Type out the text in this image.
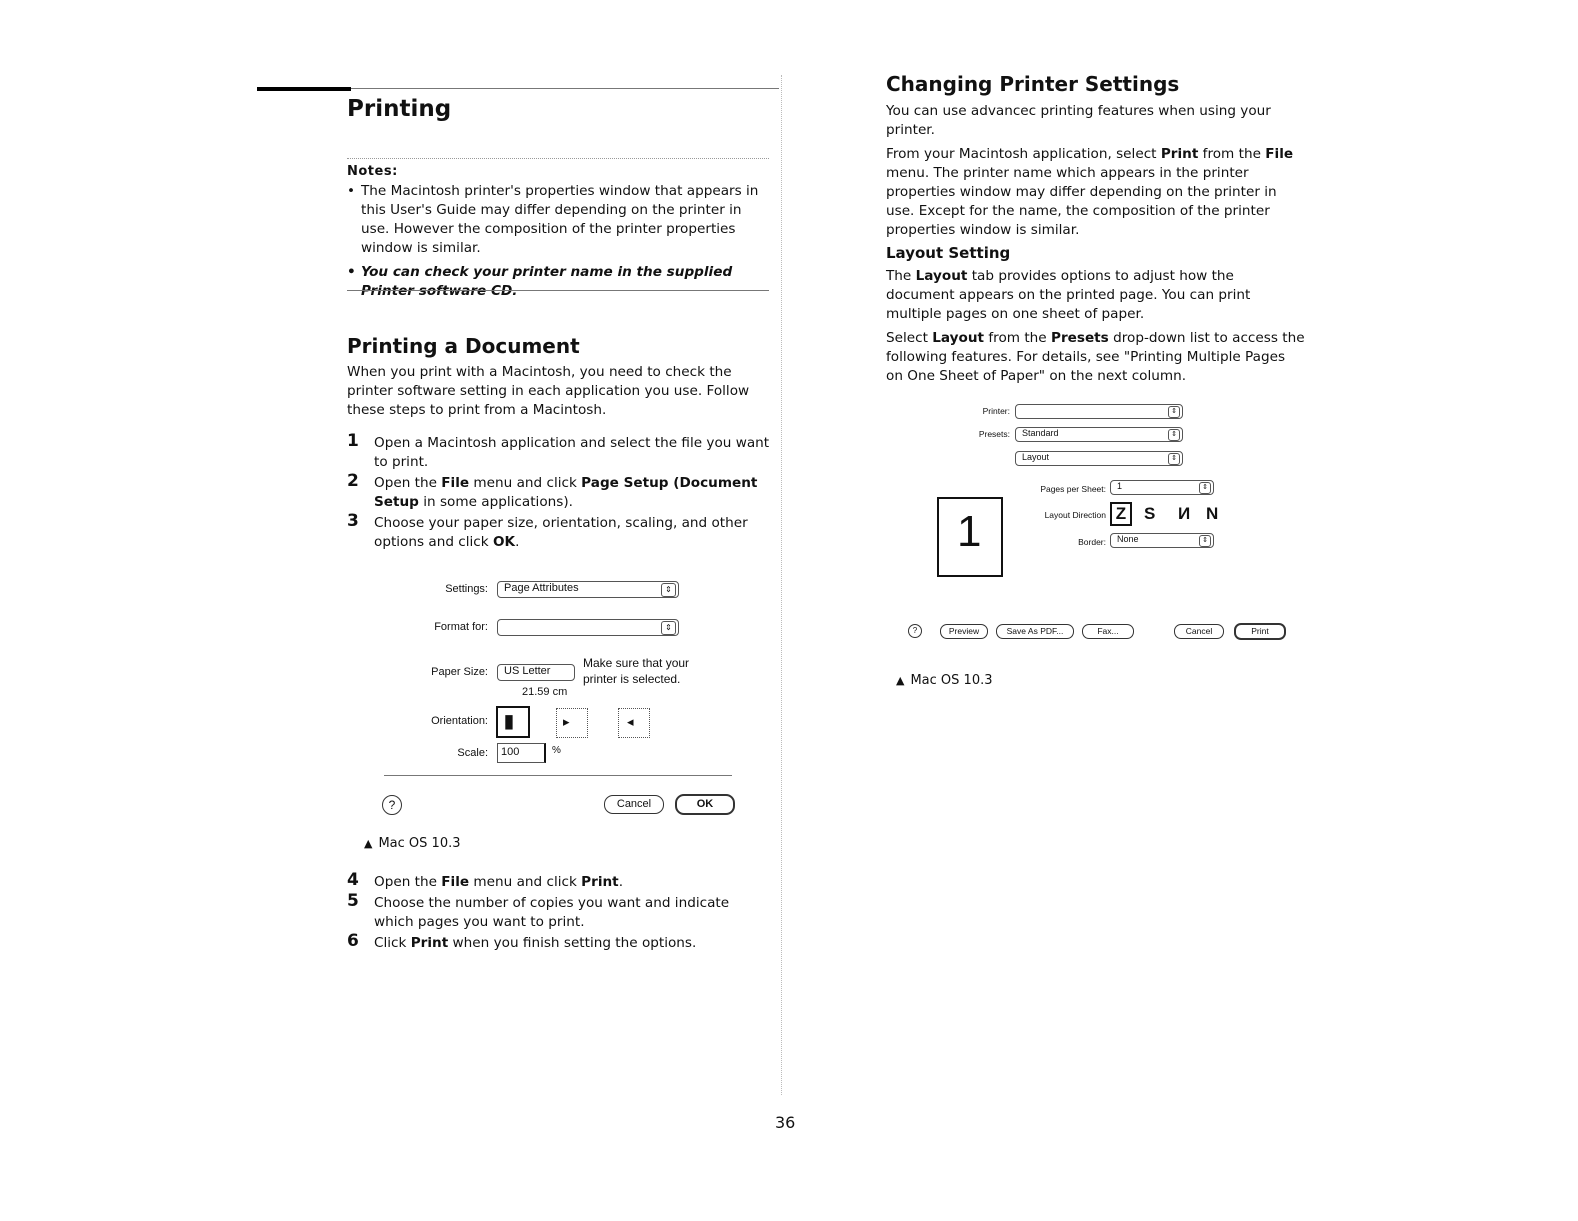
Printing
Notes:
• The Macintosh printer's properties window that appears in this User's Guide may differ depending on the printer in use. However the composition of the printer properties window is similar.
• You can check your printer name in the supplied Printer software CD.
Printing a Document
When you print with a Macintosh, you need to check the printer software setting in each application you use. Follow these steps to print from a Macintosh.
1 Open a Macintosh application and select the file you want to print.
2 Open the File menu and click Page Setup (Document Setup in some applications).
3 Choose your paper size, orientation, scaling, and other options and click OK.
Settings: Page Attributes	⇕
Format for:	⇕
Paper Size: US Letter
21.59 cm
Make sure that your printer is selected.
Orientation: ▮	▸	◂
Scale: 100	%
?	Cancel	OK
▲ Mac OS 10.3
4 Open the File menu and click Print.
5 Choose the number of copies you want and indicate which pages you want to print.
6 Click Print when you finish setting the options.
Changing Printer Settings

You can use advancec printing features when using your printer.

From your Macintosh application, select Print from the File menu. The printer name which appears in the printer properties window may differ depending on the printer in use. Except for the name, the composition of the printer properties window is similar.

Layout Setting

The Layout tab provides options to adjust how the document appears on the printed page. You can print multiple pages on one sheet of paper.

Select Layout from the Presets drop-down list to access the following features. For details, see "Printing Multiple Pages on One Sheet of Paper" on the next column.

Printer:	⇕
Presets: Standard	⇕
Layout	⇕
1
Pages per Sheet: 1	⇕
Layout Direction Z	S И N
Border: None	⇕
?	Preview	Save As PDF...	Fax...	Cancel	Print
▲ Mac OS 10.3
36
